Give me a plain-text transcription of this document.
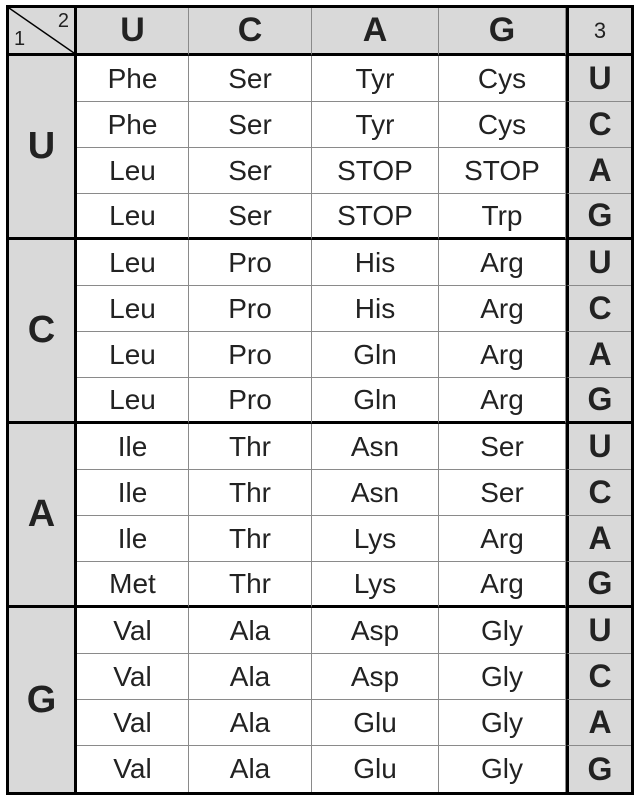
1
2	U	C	A	G	3
U
Phe	Ser	Tyr	Cys	U
Phe	Ser	Tyr	Cys	C
Leu	Ser	STOP	STOP	A
Leu	Ser	STOP	Trp	G
C
Leu	Pro	His	Arg	U
Leu	Pro	His	Arg	C
Leu	Pro	Gln	Arg	A
Leu	Pro	Gln	Arg	G
A
Ile	Thr	Asn	Ser	U
Ile	Thr	Asn	Ser	C
Ile	Thr	Lys	Arg	A
Met	Thr	Lys	Arg	G
G
Val	Ala	Asp	Gly	U
Val	Ala	Asp	Gly	C
Val	Ala	Glu	Gly	A
Val	Ala	Glu	Gly	G
